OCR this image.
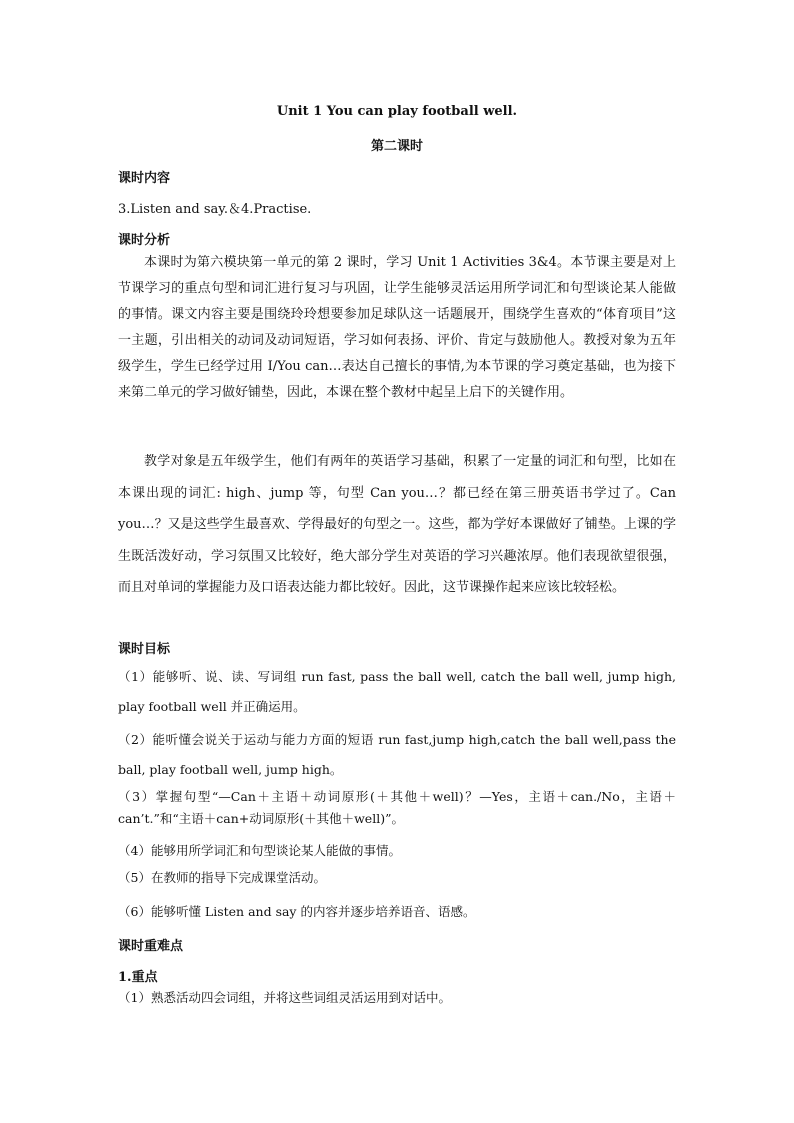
Unit 1 You can play football well.
第二课时
课时内容
3.Listen and say.＆4.Practise.
课时分析
本课时为第六模块第一单元的第 2 课时，学习 Unit 1 Activities 3&4。本节课主要是对上节课学习的重点句型和词汇进行复习与巩固，让学生能够灵活运用所学词汇和句型谈论某人能做的事情。课文内容主要是围绕玲玲想要参加足球队这一话题展开，围绕学生喜欢的“体育项目”这一主题，引出相关的动词及动词短语，学习如何表扬、评价、肯定与鼓励他人。教授对象为五年级学生，学生已经学过用 I/You can…表达自己擅长的事情,为本节课的学习奠定基础，也为接下来第二单元的学习做好铺垫，因此，本课在整个教材中起呈上启下的关键作用。
教学对象是五年级学生，他们有两年的英语学习基础，积累了一定量的词汇和句型，比如在本课出现的词汇: high、jump 等，句型 Can you…？都已经在第三册英语书学过了。Can you…？又是这些学生最喜欢、学得最好的句型之一。这些，都为学好本课做好了铺垫。上课的学生既活泼好动，学习氛围又比较好，绝大部分学生对英语的学习兴趣浓厚。他们表现欲望很强，而且对单词的掌握能力及口语表达能力都比较好。因此，这节课操作起来应该比较轻松。
课时目标
（1）能够听、说、读、写词组 run fast, pass the ball well, catch the ball well, jump high, play football well 并正确运用。
（2）能听懂会说关于运动与能力方面的短语 run fast,jump high,catch the ball well,pass the ball, play football well, jump high。
（3）掌握句型“—Can＋主语＋动词原形(＋其他＋well)？—Yes，主语＋can./No，主语＋can’t.”和“主语＋can+动词原形(＋其他＋well)”。
（4）能够用所学词汇和句型谈论某人能做的事情。
（5）在教师的指导下完成课堂活动。
（6）能够听懂 Listen and say 的内容并逐步培养语音、语感。
课时重难点
1.重点
（1）熟悉活动四会词组，并将这些词组灵活运用到对话中。
